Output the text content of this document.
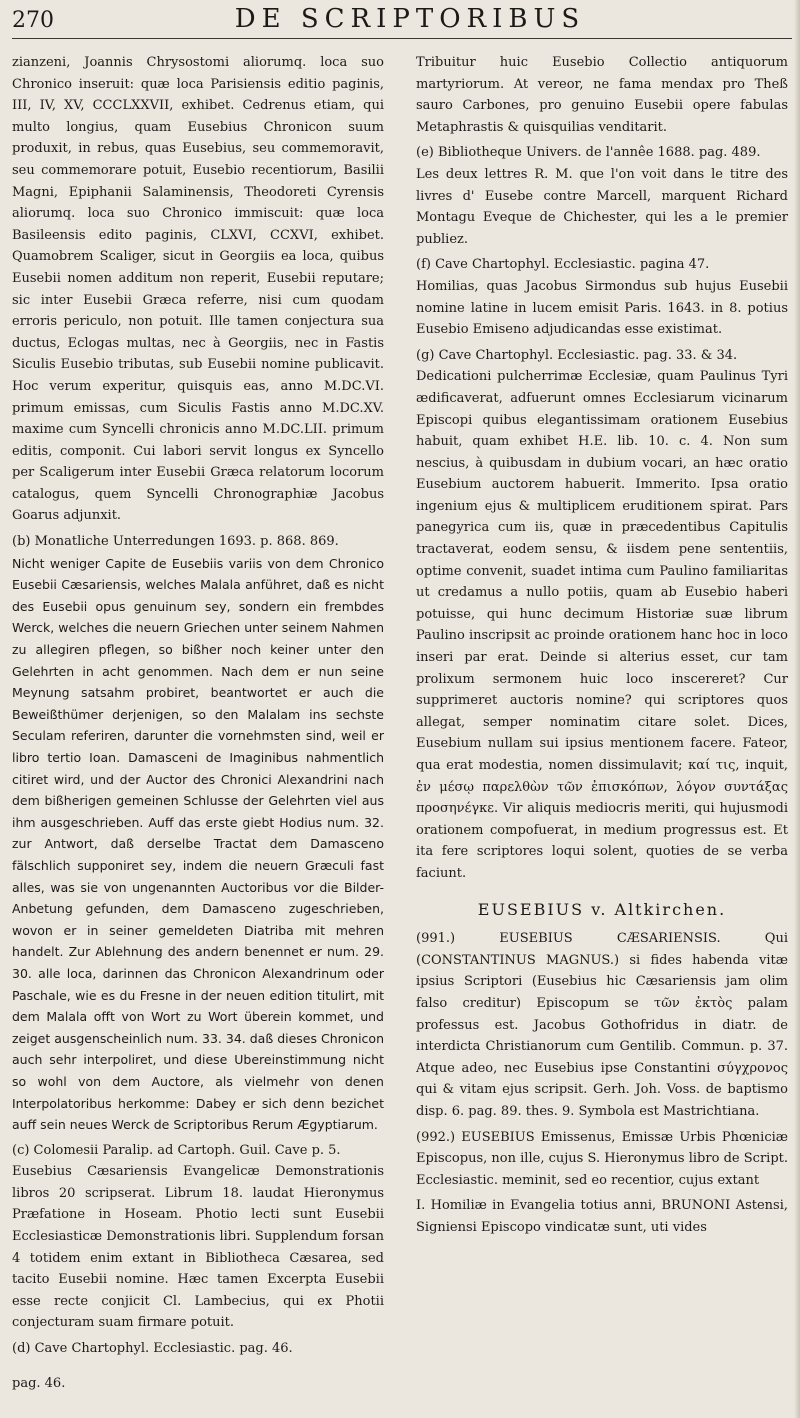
270	DE SCRIPTORIBUS

zianzeni, Joannis Chrysostomi aliorumq. loca suo Chronico inseruit: quæ loca Parisiensis editio paginis, III, IV, XV, CCCLXXVII, exhibet. Cedrenus etiam, qui multo longius, quam Eusebius Chronicon suum produxit, in rebus, quas Eusebius, seu commemoravit, seu commemorare potuit, Eusebio recentiorum, Basilii Magni, Epiphanii Salaminensis, Theodoreti Cyrensis aliorumq. loca suo Chronico immiscuit: quæ loca Basileensis edito paginis, CLXVI, CCXVI, exhibet. Quamobrem Scaliger, sicut in Georgiis ea loca, quibus Eusebii nomen additum non reperit, Eusebii reputare; sic inter Eusebii Græca referre, nisi cum quodam erroris periculo, non potuit. Ille tamen conjectura sua ductus, Eclogas multas, nec à Georgiis, nec in Fastis Siculis Eusebio tributas, sub Eusebii nomine publicavit. Hoc verum experitur, quisquis eas, anno M.DC.VI. primum emissas, cum Siculis Fastis anno M.DC.XV. maxime cum Syncelli chronicis anno M.DC.LII. primum editis, componit. Cui labori servit longus ex Syncello per Scaligerum inter Eusebii Græca relatorum locorum catalogus, quem Syncelli Chronographiæ Jacobus Goarus adjunxit.

(b) Monatliche Unterredungen 1693. p. 868. 869.

Nicht weniger Capite de Eusebiis variis von dem Chronico Eusebii Cæsariensis, welches Malala anführet, daß es nicht des Eusebii opus genuinum sey, sondern ein frembdes Werck, welches die neuern Griechen unter seinem Nahmen zu allegiren pflegen, so bißher noch keiner unter den Gelehrten in acht genommen. Nach dem er nun seine Meynung satsahm probiret, beantwortet er auch die Beweißthümer derjenigen, so den Malalam ins sechste Seculam referiren, darunter die vornehmsten sind, weil er libro tertio Ioan. Damasceni de Imaginibus nahmentlich citiret wird, und der Auctor des Chronici Alexandrini nach dem bißherigen gemeinen Schlusse der Gelehrten viel aus ihm ausgeschrieben. Auff das erste giebt Hodius num. 32. zur Antwort, daß derselbe Tractat dem Damasceno fälschlich supponiret sey, indem die neuern Græculi fast alles, was sie von ungenannten Auctoribus vor die Bilder-Anbetung gefunden, dem Damasceno zugeschrieben, wovon er in seiner gemeldeten Diatriba mit mehren handelt. Zur Ablehnung des andern benennet er num. 29. 30. alle loca, darinnen das Chronicon Alexandrinum oder Paschale, wie es du Fresne in der neuen edition titulirt, mit dem Malala offt von Wort zu Wort überein kommet, und zeiget ausgenscheinlich num. 33. 34. daß dieses Chronicon auch sehr interpoliret, und diese Ubereinstimmung nicht so wohl von dem Auctore, als vielmehr von denen Interpolatoribus herkomme: Dabey er sich denn bezichet auff sein neues Werck de Scriptoribus Rerum Ægyptiarum.

(c) Colomesii Paralip. ad Cartoph. Guil. Cave p. 5.

Eusebius Cæsariensis Evangelicæ Demonstrationis libros 20 scripserat. Librum 18. laudat Hieronymus Præfatione in Hoseam. Photio lecti sunt Eusebii Ecclesiasticæ Demonstrationis libri. Supplendum forsan 4 totidem enim extant in Bibliotheca Cæsarea, sed tacito Eusebii nomine. Hæc tamen Excerpta Eusebii esse recte conjicit Cl. Lambecius, qui ex Photii conjecturam suam firmare potuit.

(d) Cave Chartophyl. Ecclesiastic. pag. 46.

Tribuitur huic Eusebio Collectio antiquorum martyriorum. At vereor, ne fama mendax pro Theß sauro Carbones, pro genuino Eusebii opere fabulas Metaphrastis & quisquilias venditarit.

(e) Bibliotheque Univers. de l'annêe 1688. pag. 489.

Les deux lettres R. M. que l'on voit dans le titre des livres d' Eusebe contre Marcell, marquent Richard Montagu Eveque de Chichester, qui les a le premier publiez.

(f) Cave Chartophyl. Ecclesiastic. pagina 47.

Homilias, quas Jacobus Sirmondus sub hujus Eusebii nomine latine in lucem emisit Paris. 1643. in 8. potius Eusebio Emiseno adjudicandas esse existimat.

(g) Cave Chartophyl. Ecclesiastic. pag. 33. & 34.

Dedicationi pulcherrimæ Ecclesiæ, quam Paulinus Tyri ædificaverat, adfuerunt omnes Ecclesiarum vicinarum Episcopi quibus elegantissimam orationem Eusebius habuit, quam exhibet H.E. lib. 10. c. 4. Non sum nescius, à quibusdam in dubium vocari, an hæc oratio Eusebium auctorem habuerit. Immerito. Ipsa oratio ingenium ejus & multiplicem eruditionem spirat. Pars panegyrica cum iis, quæ in præcedentibus Capitulis tractaverat, eodem sensu, & iisdem pene sententiis, optime convenit, suadet intima cum Paulino familiaritas ut credamus a nullo potiis, quam ab Eusebio haberi potuisse, qui hunc decimum Historiæ suæ librum Paulino inscripsit ac proinde orationem hanc hoc in loco inseri par erat. Deinde si alterius esset, cur tam prolixum sermonem huic loco inscereret? Cur supprimeret auctoris nomine? qui scriptores quos allegat, semper nominatim citare solet. Dices, Eusebium nullam sui ipsius mentionem facere. Fateor, qua erat modestia, nomen dissimulavit; καί τις, inquit, ἐν μέσῳ παρελθὼν τῶν ἐπισκόπων, λόγον συντάξας προσηνέγκε. Vir aliquis mediocris meriti, qui hujusmodi orationem compofuerat, in medium progressus est. Et ita fere scriptores loqui solent, quoties de se verba faciunt.

EUSEBIUS v. Altkirchen.

(991.) EUSEBIUS CÆSARIENSIS. Qui (CONSTANTINUS MAGNUS.) si fides habenda vitæ ipsius Scriptori (Eusebius hic Cæsariensis jam olim falso creditur) Episcopum se τῶν ἐκτὸς palam professus est. Jacobus Gothofridus in diatr. de interdicta Christianorum cum Gentilib. Commun. p. 37. Atque adeo, nec Eusebius ipse Constantini σύγχρονος qui & vitam ejus scripsit. Gerh. Joh. Voss. de baptismo disp. 6. pag. 89. thes. 9. Symbola est Mastrichtiana.

(992.) EUSEBIUS Emissenus, Emissæ Urbis Phœniciæ Episcopus, non ille, cujus S. Hieronymus libro de Script. Ecclesiastic. meminit, sed eo recentior, cujus extant

I. Homiliæ in Evangelia totius anni, BRUNONI Astensi, Signiensi Episcopo vindicatæ sunt, uti vides

pag. 46.
